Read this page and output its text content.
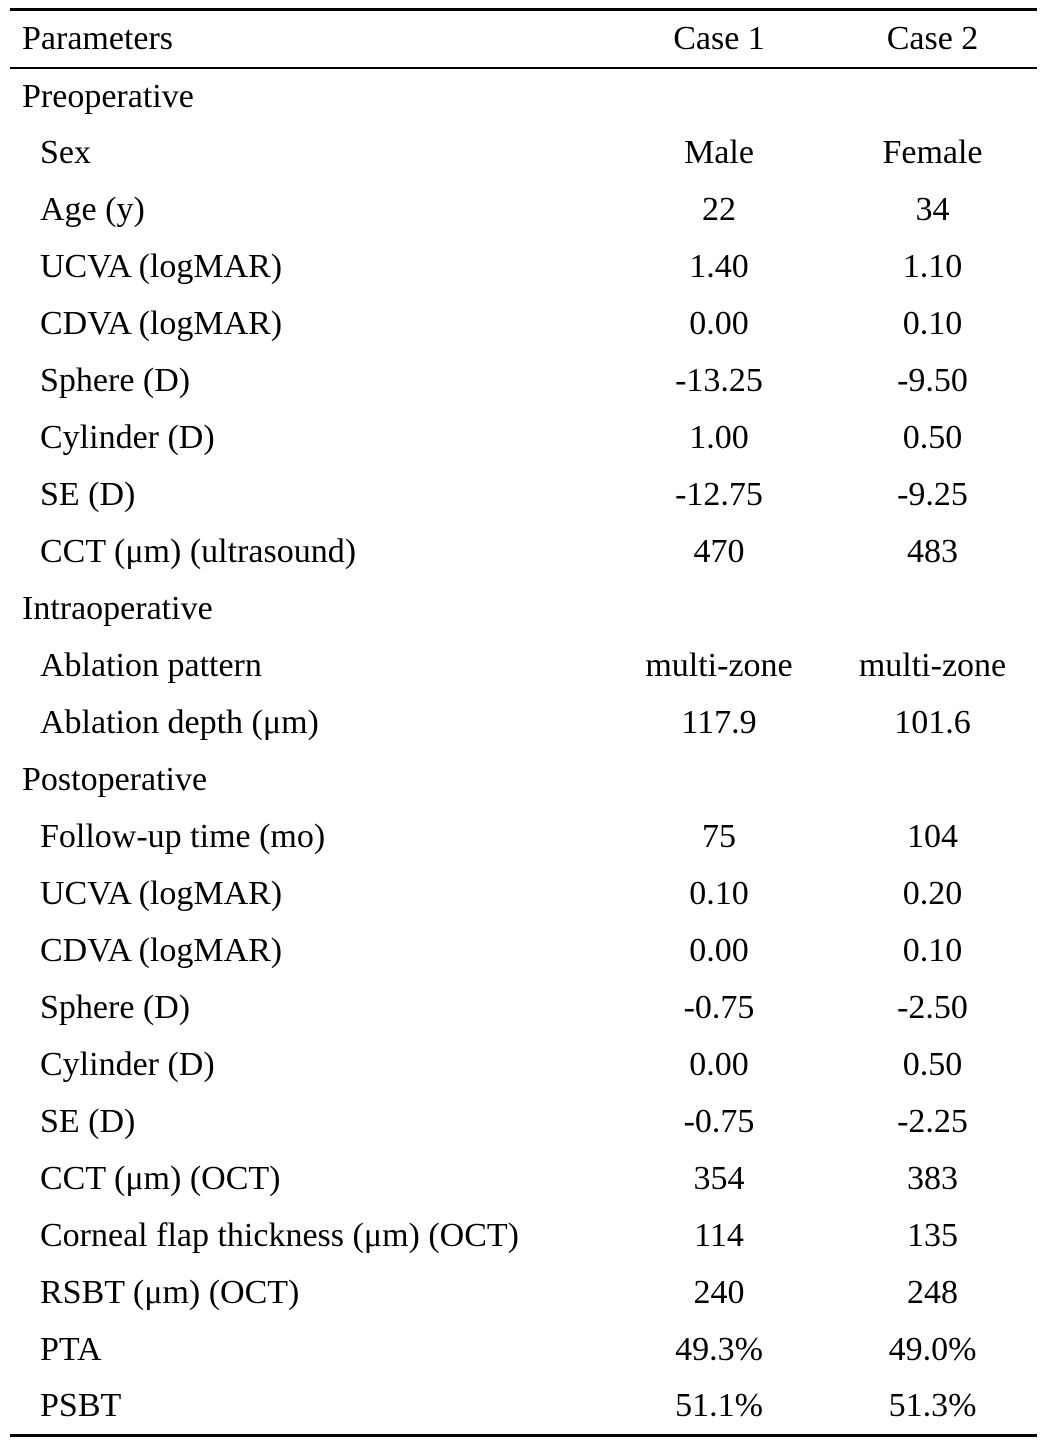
Parameters	Case 1	Case 2
Preoperative		
Sex	Male	Female
Age (y)	22	34
UCVA (logMAR)	1.40	1.10
CDVA (logMAR)	0.00	0.10
Sphere (D)	-13.25	-9.50
Cylinder (D)	1.00	0.50
SE (D)	-12.75	-9.25
CCT (μm) (ultrasound)	470	483
Intraoperative		
Ablation pattern	multi-zone	multi-zone
Ablation depth (μm)	117.9	101.6
Postoperative		
Follow-up time (mo)	75	104
UCVA (logMAR)	0.10	0.20
CDVA (logMAR)	0.00	0.10
Sphere (D)	-0.75	-2.50
Cylinder (D)	0.00	0.50
SE (D)	-0.75	-2.25
CCT (μm) (OCT)	354	383
Corneal flap thickness (μm) (OCT)	114	135
RSBT (μm) (OCT)	240	248
PTA	49.3%	49.0%
PSBT	51.1%	51.3%
